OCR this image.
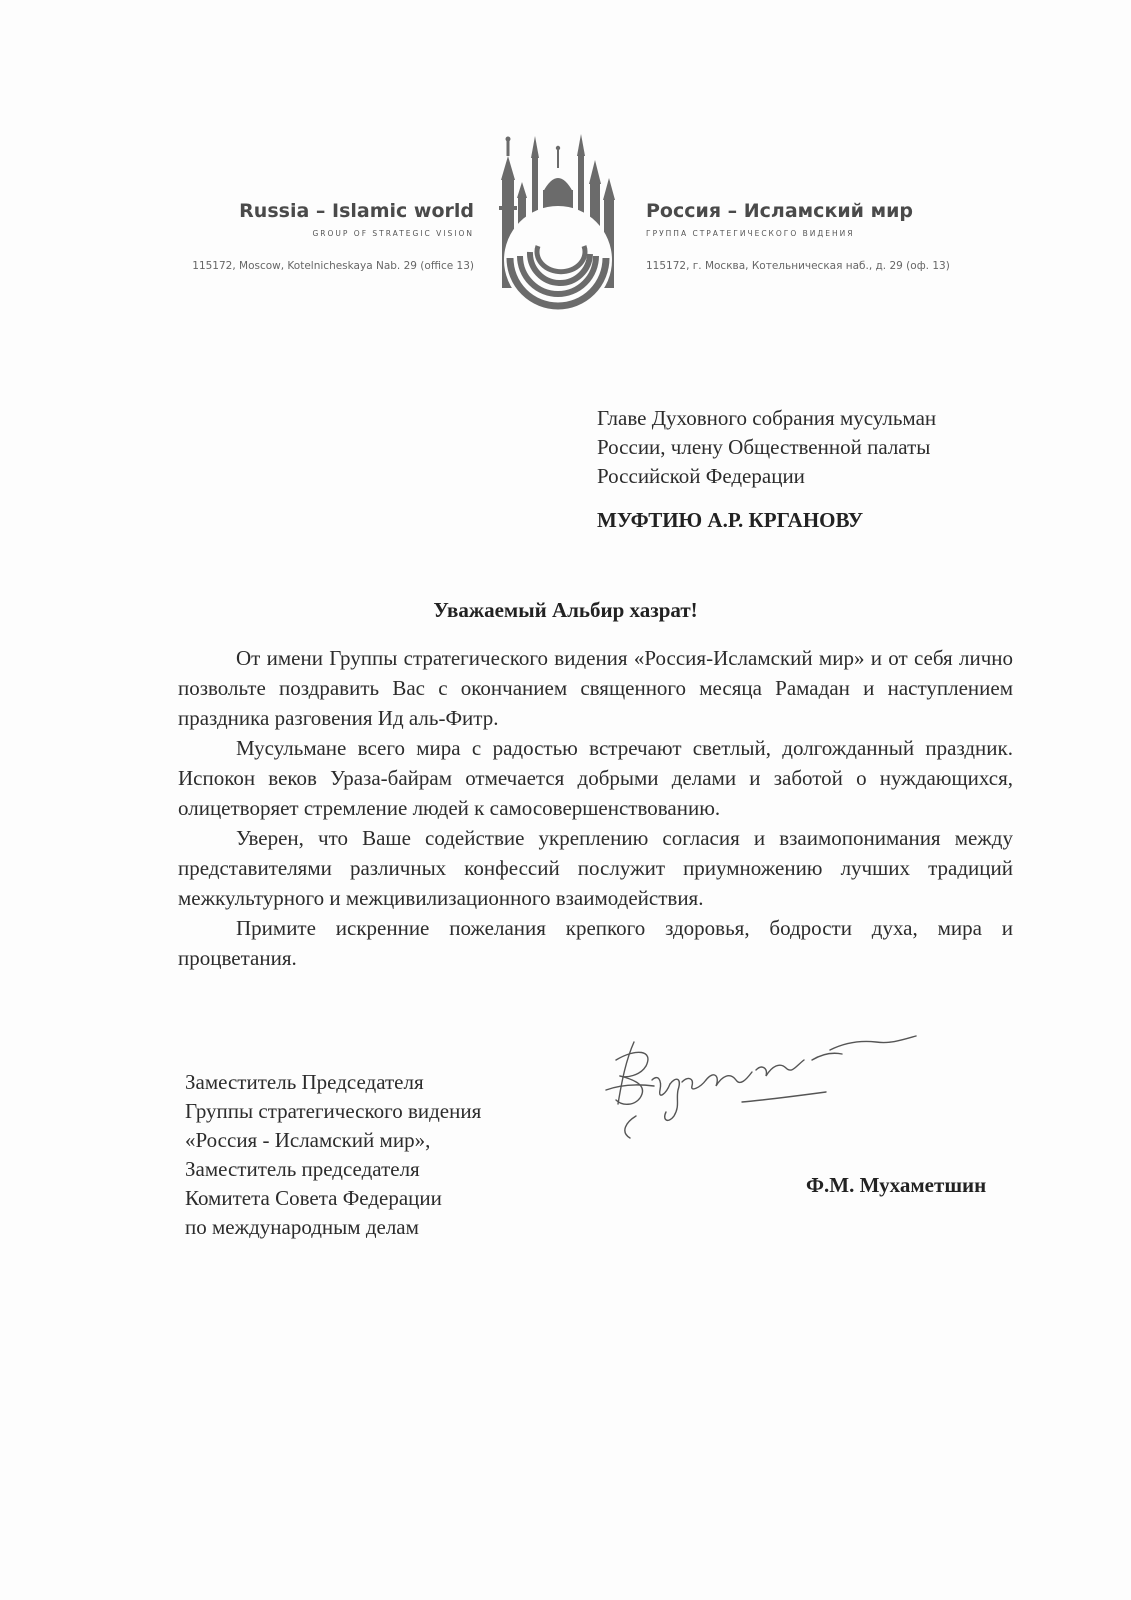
Russia – Islamic world
GROUP OF STRATEGIC VISION
115172, Moscow, Kotelnicheskaya Nab. 29 (office 13)
Россия – Исламский мир
ГРУППА СТРАТЕГИЧЕСКОГО ВИДЕНИЯ
115172, г. Москва, Котельническая наб., д. 29 (оф. 13)
Главе Духовного собрания мусульман
России, члену Общественной палаты
Российской Федерации
МУФТИЮ А.Р. КРГАНОВУ
Уважаемый Альбир хазрат!

От имени Группы стратегического видения «Россия-Исламский мир» и от себя лично позвольте поздравить Вас с окончанием священного месяца Рамадан и наступлением праздника разговения Ид аль-Фитр.

Мусульмане всего мира с радостью встречают светлый, долгожданный праздник. Испокон веков Ураза-байрам отмечается добрыми делами и заботой о нуждающихся, олицетворяет стремление людей к самосовершенствованию.

Уверен, что Ваше содействие укреплению согласия и взаимопонимания между представителями различных конфессий послужит приумножению лучших традиций межкультурного и межцивилизационного взаимодействия.

Примите искренние пожелания крепкого здоровья, бодрости духа, мира и процветания.

Заместитель Председателя
Группы стратегического видения
«Россия - Исламский мир»,
Заместитель председателя
Комитета Совета Федерации
по международным делам
Ф.М. Мухаметшин
